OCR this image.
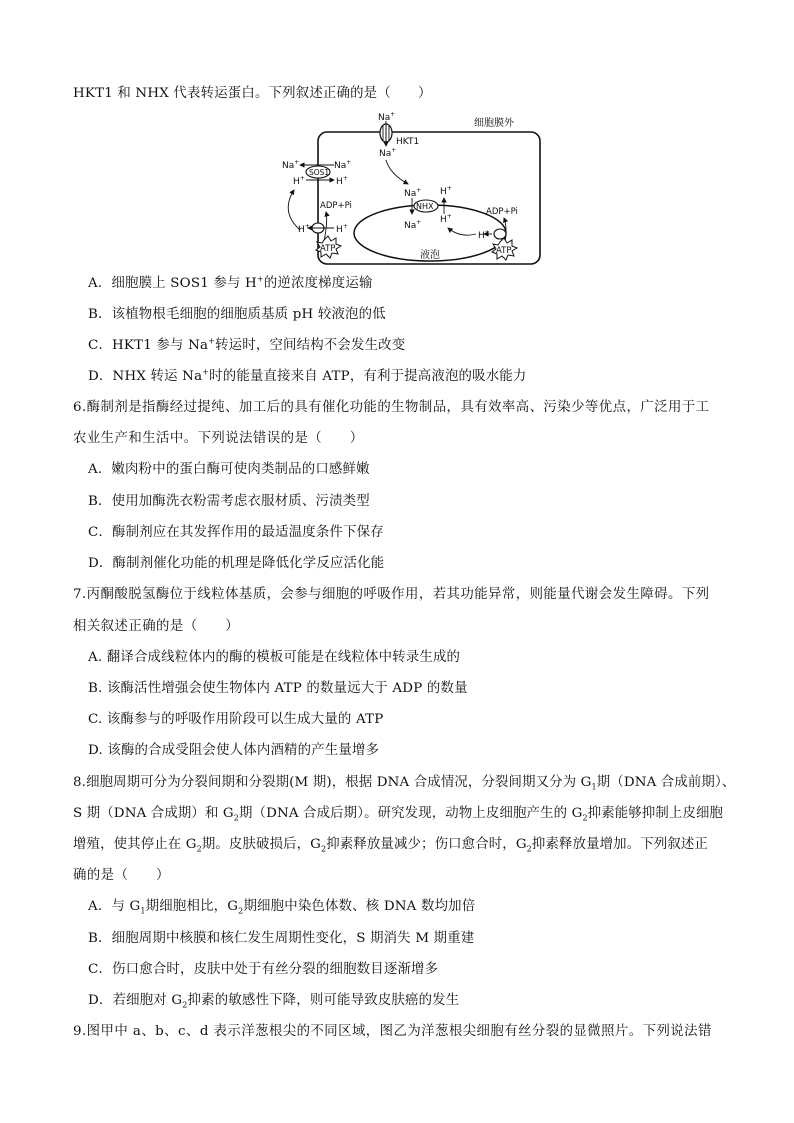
HKT1 和 NHX 代表转运蛋白。下列叙述正确的是（　　）
细胞膜外
Na+
HKT1
Na+
SOS1
Na+	Na+
H+	H+
H+	H+
ADP+Pi
ATP
液泡
NHX
Na+ H+
Na+ H+
H+
ADP+Pi
ATP
A．细胞膜上 SOS1 参与 H+的逆浓度梯度运输
B．该植物根毛细胞的细胞质基质 pH 较液泡的低
C．HKT1 参与 Na+转运时，空间结构不会发生改变
D．NHX 转运 Na+时的能量直接来自 ATP，有利于提高液泡的吸水能力
6.酶制剂是指酶经过提纯、加工后的具有催化功能的生物制品，具有效率高、污染少等优点，广泛用于工
农业生产和生活中。下列说法错误的是（　　）
A．嫩肉粉中的蛋白酶可使肉类制品的口感鲜嫩
B．使用加酶洗衣粉需考虑衣服材质、污渍类型
C．酶制剂应在其发挥作用的最适温度条件下保存
D．酶制剂催化功能的机理是降低化学反应活化能
7.丙酮酸脱氢酶位于线粒体基质，会参与细胞的呼吸作用，若其功能异常，则能量代谢会发生障碍。下列
相关叙述正确的是（　　）
A. 翻译合成线粒体内的酶的模板可能是在线粒体中转录生成的
B. 该酶活性增强会使生物体内 ATP 的数量远大于 ADP 的数量
C. 该酶参与的呼吸作用阶段可以生成大量的 ATP
D. 该酶的合成受阻会使人体内酒精的产生量增多
8.细胞周期可分为分裂间期和分裂期(M 期)，根据 DNA 合成情况，分裂间期又分为 $G_1$期（DNA 合成前期）、
S 期（DNA 合成期）和 $G_2$期（DNA 合成后期）。研究发现，动物上皮细胞产生的 $G_2$抑素能够抑制上皮细胞
增殖，使其停止在 $G_2$期。皮肤破损后，$G_2$抑素释放量减少；伤口愈合时，$G_2$抑素释放量增加。下列叙述正
确的是（　　）
A．与 $G_1$期细胞相比，$G_2$期细胞中染色体数、核 DNA 数均加倍
B．细胞周期中核膜和核仁发生周期性变化，S 期消失 M 期重建
C．伤口愈合时，皮肤中处于有丝分裂的细胞数目逐渐增多
D．若细胞对 $G_2$抑素的敏感性下降，则可能导致皮肤癌的发生
9.图甲中 a、b、c、d 表示洋葱根尖的不同区域，图乙为洋葱根尖细胞有丝分裂的显微照片。下列说法错
